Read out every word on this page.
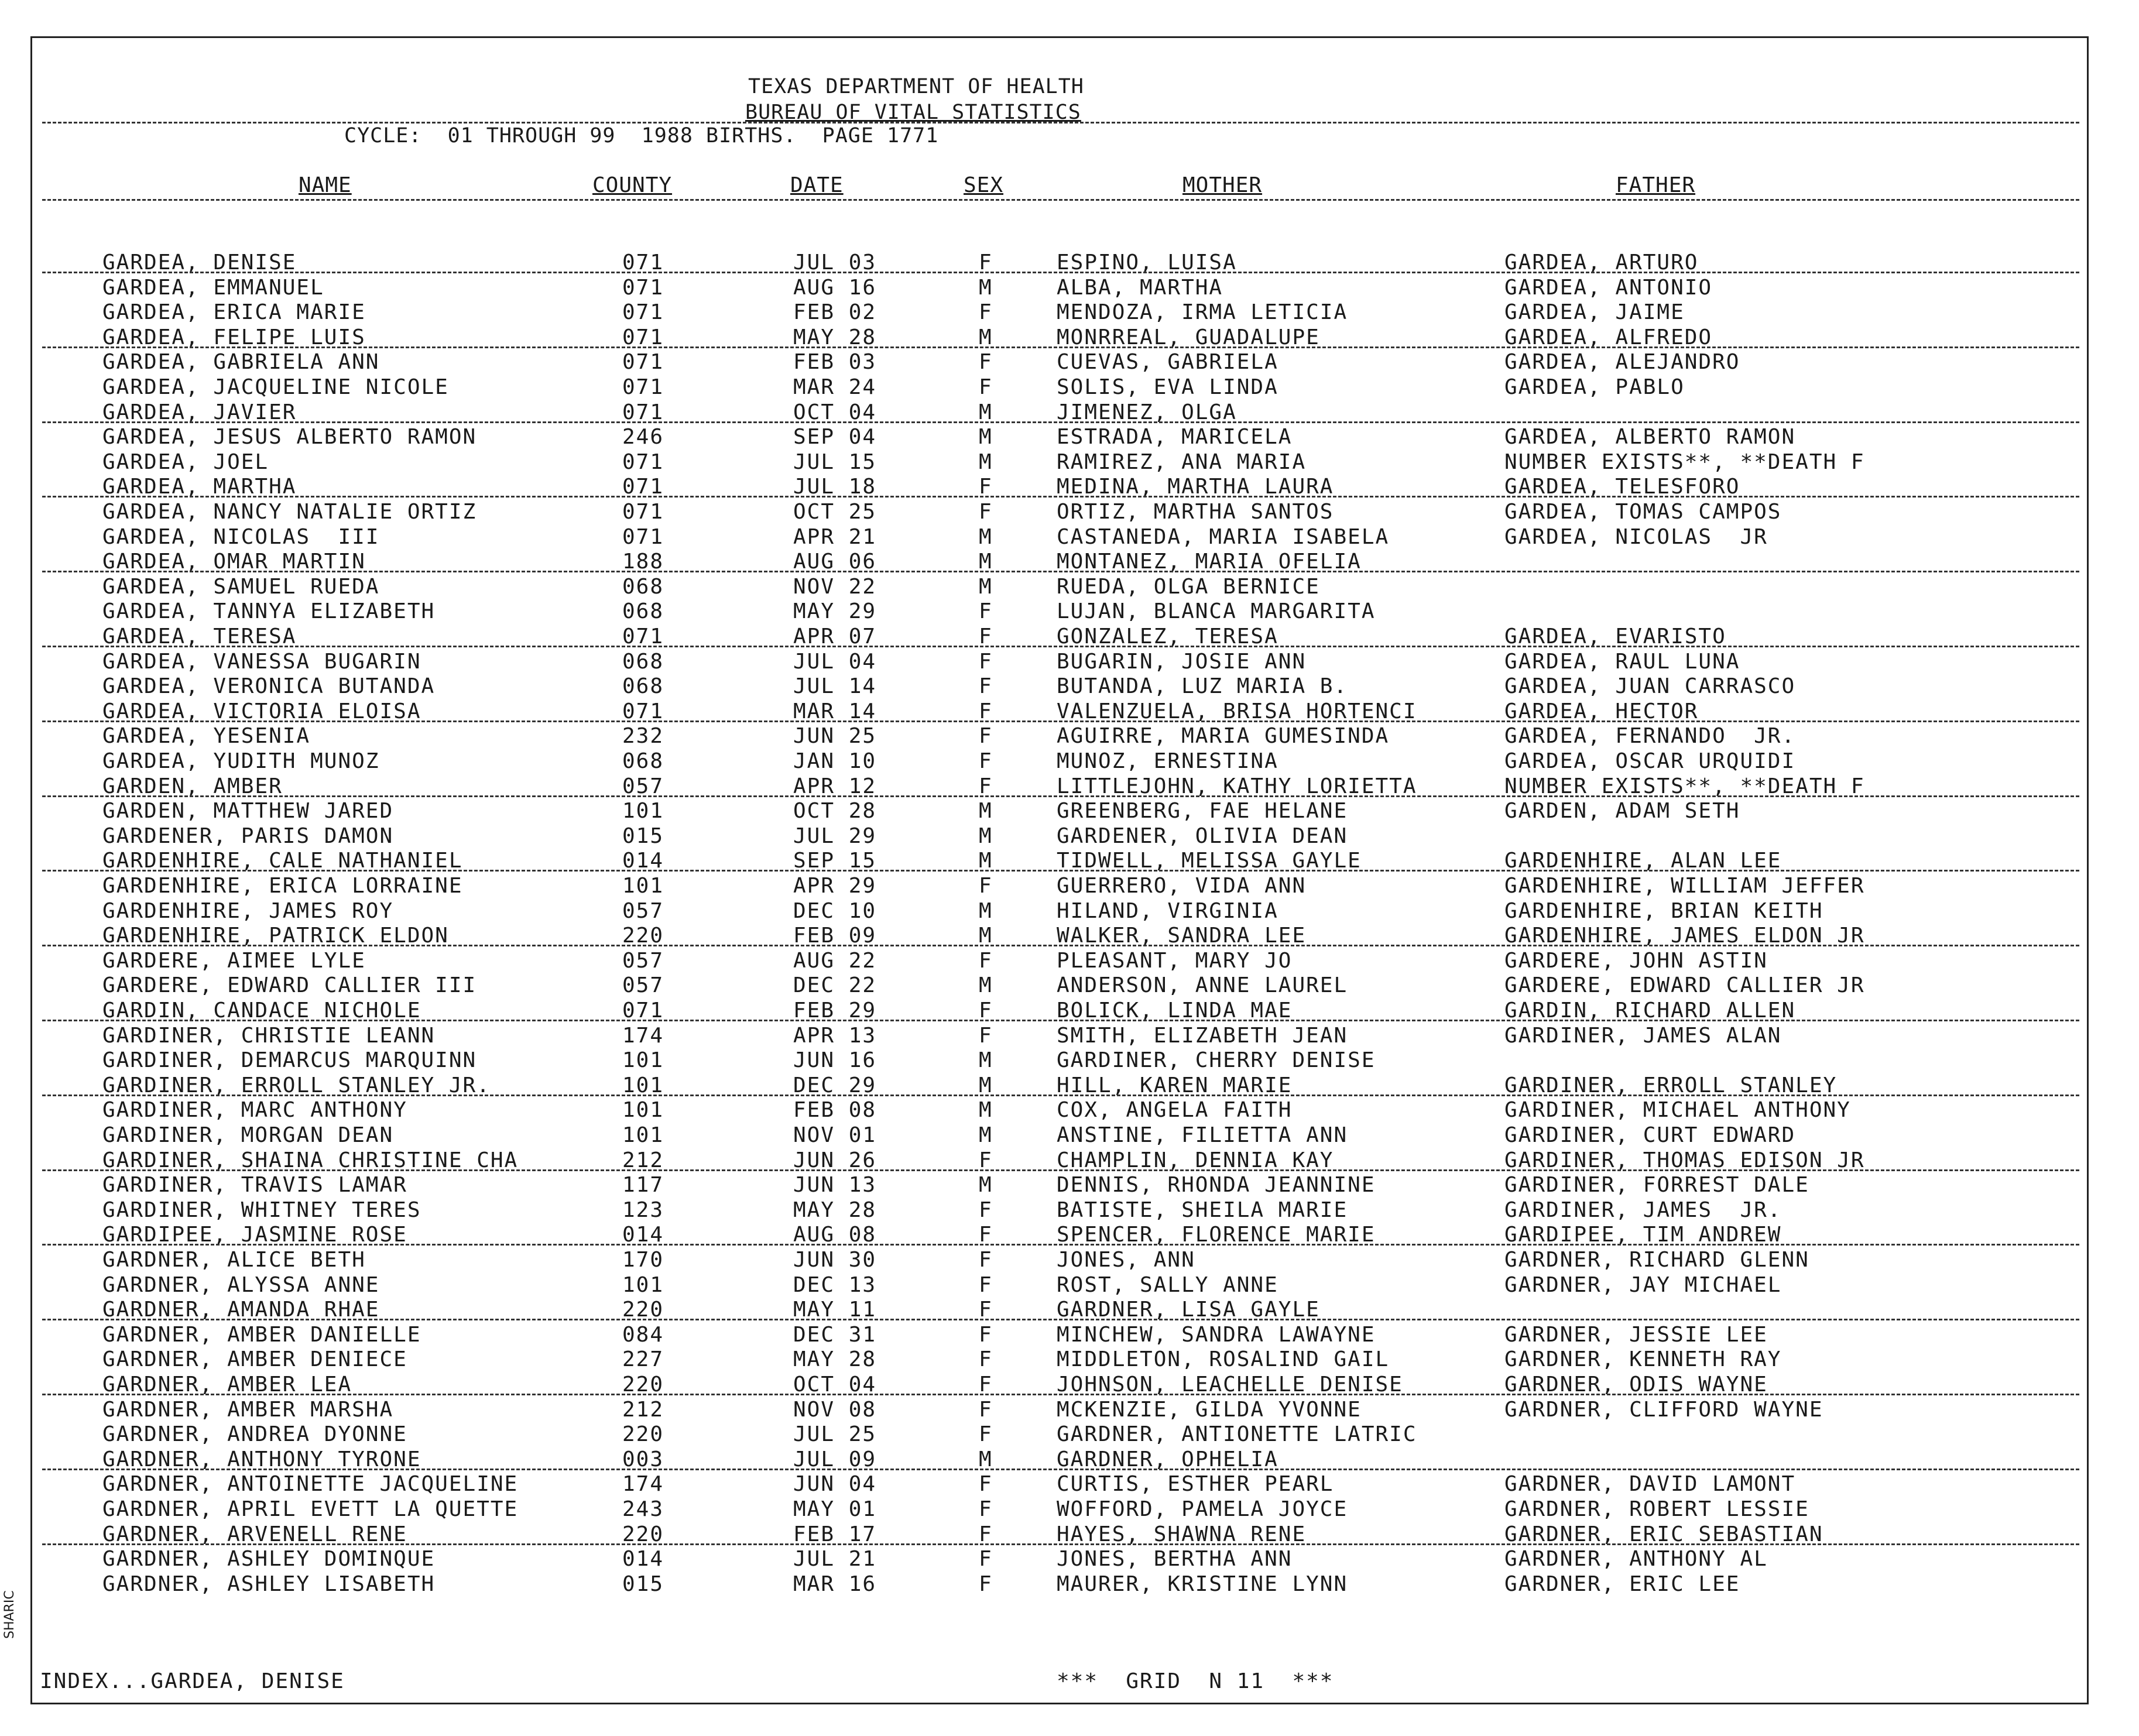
TEXAS DEPARTMENT OF HEALTH
BUREAU OF VITAL STATISTICS
CYCLE:  01 THROUGH 99  1988 BIRTHS.  PAGE 1771
NAME	COUNTY	DATE	SEX	MOTHER	FATHER
GARDEA, DENISE	071	JUL 03	F	ESPINO, LUISA	GARDEA, ARTURO
GARDEA, EMMANUEL	071	AUG 16	M	ALBA, MARTHA	GARDEA, ANTONIO
GARDEA, ERICA MARIE	071	FEB 02	F	MENDOZA, IRMA LETICIA	GARDEA, JAIME
GARDEA, FELIPE LUIS	071	MAY 28	M	MONRREAL, GUADALUPE	GARDEA, ALFREDO
GARDEA, GABRIELA ANN	071	FEB 03	F	CUEVAS, GABRIELA	GARDEA, ALEJANDRO
GARDEA, JACQUELINE NICOLE	071	MAR 24	F	SOLIS, EVA LINDA	GARDEA, PABLO
GARDEA, JAVIER	071	OCT 04	M	JIMENEZ, OLGA
GARDEA, JESUS ALBERTO RAMON	246	SEP 04	M	ESTRADA, MARICELA	GARDEA, ALBERTO RAMON
GARDEA, JOEL	071	JUL 15	M	RAMIREZ, ANA MARIA	NUMBER EXISTS**, **DEATH F
GARDEA, MARTHA	071	JUL 18	F	MEDINA, MARTHA LAURA	GARDEA, TELESFORO
GARDEA, NANCY NATALIE ORTIZ	071	OCT 25	F	ORTIZ, MARTHA SANTOS	GARDEA, TOMAS CAMPOS
GARDEA, NICOLAS  III	071	APR 21	M	CASTANEDA, MARIA ISABELA	GARDEA, NICOLAS  JR
GARDEA, OMAR MARTIN	188	AUG 06	M	MONTANEZ, MARIA OFELIA
GARDEA, SAMUEL RUEDA	068	NOV 22	M	RUEDA, OLGA BERNICE
GARDEA, TANNYA ELIZABETH	068	MAY 29	F	LUJAN, BLANCA MARGARITA
GARDEA, TERESA	071	APR 07	F	GONZALEZ, TERESA	GARDEA, EVARISTO
GARDEA, VANESSA BUGARIN	068	JUL 04	F	BUGARIN, JOSIE ANN	GARDEA, RAUL LUNA
GARDEA, VERONICA BUTANDA	068	JUL 14	F	BUTANDA, LUZ MARIA B.	GARDEA, JUAN CARRASCO
GARDEA, VICTORIA ELOISA	071	MAR 14	F	VALENZUELA, BRISA HORTENCI	GARDEA, HECTOR
GARDEA, YESENIA	232	JUN 25	F	AGUIRRE, MARIA GUMESINDA	GARDEA, FERNANDO  JR.
GARDEA, YUDITH MUNOZ	068	JAN 10	F	MUNOZ, ERNESTINA	GARDEA, OSCAR URQUIDI
GARDEN, AMBER	057	APR 12	F	LITTLEJOHN, KATHY LORIETTA	NUMBER EXISTS**, **DEATH F
GARDEN, MATTHEW JARED	101	OCT 28	M	GREENBERG, FAE HELANE	GARDEN, ADAM SETH
GARDENER, PARIS DAMON	015	JUL 29	M	GARDENER, OLIVIA DEAN
GARDENHIRE, CALE NATHANIEL	014	SEP 15	M	TIDWELL, MELISSA GAYLE	GARDENHIRE, ALAN LEE
GARDENHIRE, ERICA LORRAINE	101	APR 29	F	GUERRERO, VIDA ANN	GARDENHIRE, WILLIAM JEFFER
GARDENHIRE, JAMES ROY	057	DEC 10	M	HILAND, VIRGINIA	GARDENHIRE, BRIAN KEITH
GARDENHIRE, PATRICK ELDON	220	FEB 09	M	WALKER, SANDRA LEE	GARDENHIRE, JAMES ELDON JR
GARDERE, AIMEE LYLE	057	AUG 22	F	PLEASANT, MARY JO	GARDERE, JOHN ASTIN
GARDERE, EDWARD CALLIER III	057	DEC 22	M	ANDERSON, ANNE LAUREL	GARDERE, EDWARD CALLIER JR
GARDIN, CANDACE NICHOLE	071	FEB 29	F	BOLICK, LINDA MAE	GARDIN, RICHARD ALLEN
GARDINER, CHRISTIE LEANN	174	APR 13	F	SMITH, ELIZABETH JEAN	GARDINER, JAMES ALAN
GARDINER, DEMARCUS MARQUINN	101	JUN 16	M	GARDINER, CHERRY DENISE
GARDINER, ERROLL STANLEY JR.	101	DEC 29	M	HILL, KAREN MARIE	GARDINER, ERROLL STANLEY
GARDINER, MARC ANTHONY	101	FEB 08	M	COX, ANGELA FAITH	GARDINER, MICHAEL ANTHONY
GARDINER, MORGAN DEAN	101	NOV 01	M	ANSTINE, FILIETTA ANN	GARDINER, CURT EDWARD
GARDINER, SHAINA CHRISTINE CHA	212	JUN 26	F	CHAMPLIN, DENNIA KAY	GARDINER, THOMAS EDISON JR
GARDINER, TRAVIS LAMAR	117	JUN 13	M	DENNIS, RHONDA JEANNINE	GARDINER, FORREST DALE
GARDINER, WHITNEY TERES	123	MAY 28	F	BATISTE, SHEILA MARIE	GARDINER, JAMES  JR.
GARDIPEE, JASMINE ROSE	014	AUG 08	F	SPENCER, FLORENCE MARIE	GARDIPEE, TIM ANDREW
GARDNER, ALICE BETH	170	JUN 30	F	JONES, ANN	GARDNER, RICHARD GLENN
GARDNER, ALYSSA ANNE	101	DEC 13	F	ROST, SALLY ANNE	GARDNER, JAY MICHAEL
GARDNER, AMANDA RHAE	220	MAY 11	F	GARDNER, LISA GAYLE
GARDNER, AMBER DANIELLE	084	DEC 31	F	MINCHEW, SANDRA LAWAYNE	GARDNER, JESSIE LEE
GARDNER, AMBER DENIECE	227	MAY 28	F	MIDDLETON, ROSALIND GAIL	GARDNER, KENNETH RAY
GARDNER, AMBER LEA	220	OCT 04	F	JOHNSON, LEACHELLE DENISE	GARDNER, ODIS WAYNE
GARDNER, AMBER MARSHA	212	NOV 08	F	MCKENZIE, GILDA YVONNE	GARDNER, CLIFFORD WAYNE
GARDNER, ANDREA DYONNE	220	JUL 25	F	GARDNER, ANTIONETTE LATRIC
GARDNER, ANTHONY TYRONE	003	JUL 09	M	GARDNER, OPHELIA
GARDNER, ANTOINETTE JACQUELINE	174	JUN 04	F	CURTIS, ESTHER PEARL	GARDNER, DAVID LAMONT
GARDNER, APRIL EVETT LA QUETTE	243	MAY 01	F	WOFFORD, PAMELA JOYCE	GARDNER, ROBERT LESSIE
GARDNER, ARVENELL RENE	220	FEB 17	F	HAYES, SHAWNA RENE	GARDNER, ERIC SEBASTIAN
GARDNER, ASHLEY DOMINQUE	014	JUL 21	F	JONES, BERTHA ANN	GARDNER, ANTHONY AL
GARDNER, ASHLEY LISABETH	015	MAR 16	F	MAURER, KRISTINE LYNN	GARDNER, ERIC LEE
INDEX...GARDEA, DENISE	***  GRID  N 11  ***
SHARIC
